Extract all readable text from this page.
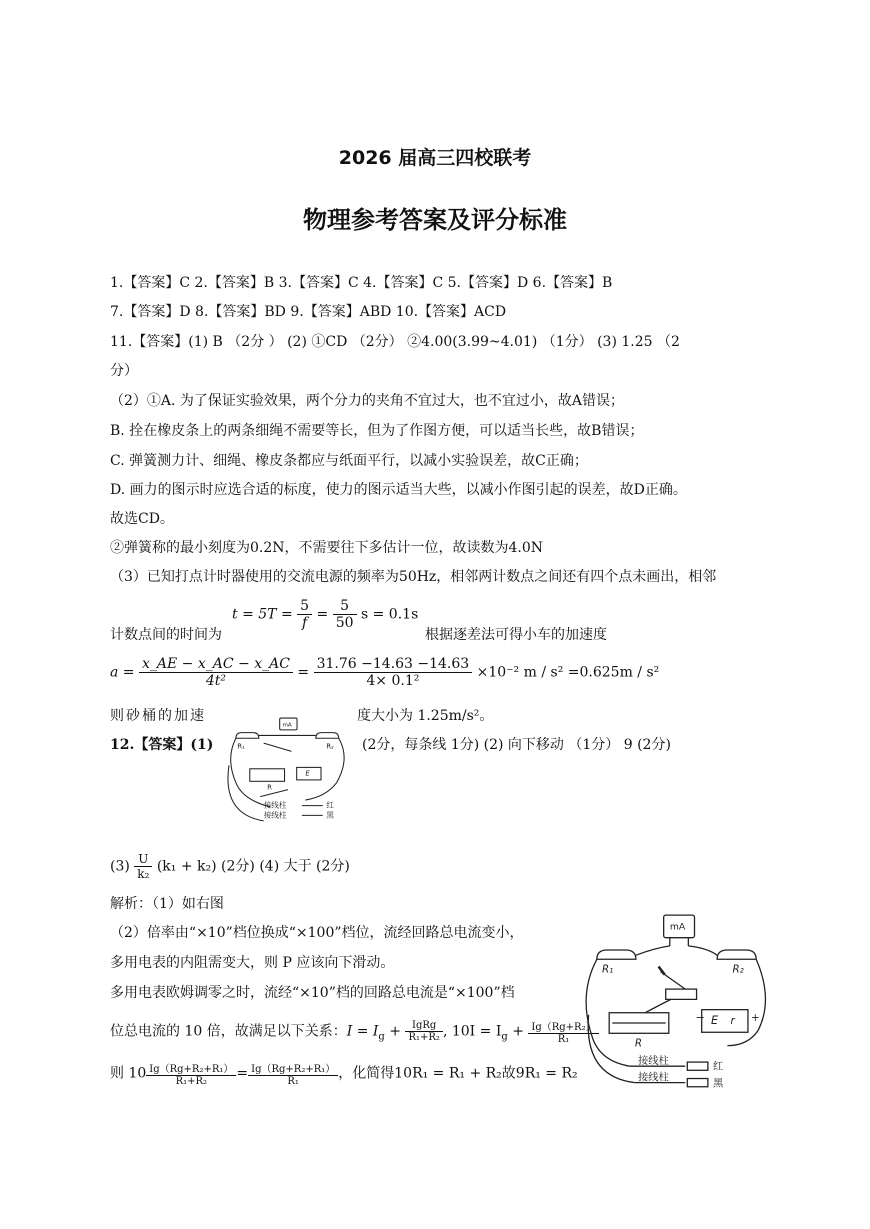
2026 届高三四校联考
物理参考答案及评分标准
1.【答案】C 2.【答案】B 3.【答案】C 4.【答案】C 5.【答案】D 6.【答案】B
7.【答案】D 8.【答案】BD 9.【答案】ABD 10.【答案】ACD
11.【答案】(1) B （2分 ） (2) ①CD （2分） ②4.00(3.99~4.01) （1分） (3) 1.25 （2
分）
（2）①A. 为了保证实验效果，两个分力的夹角不宜过大，也不宜过小，故A错误；
B. 拴在橡皮条上的两条细绳不需要等长，但为了作图方便，可以适当长些，故B错误；
C. 弹簧测力计、细绳、橡皮条都应与纸面平行，以减小实验误差，故C正确；
D. 画力的图示时应选合适的标度，使力的图示适当大些，以减小作图引起的误差，故D正确。
故选CD。
②弹簧称的最小刻度为0.2N，不需要往下多估计一位，故读数为4.0N
（3）已知打点计时器使用的交流电源的频率为50Hz，相邻两计数点之间还有四个点未画出，相邻
计数点间的时间为
$t = 5T = \frac{5}{f} = \frac{5}{50}$ s = 0.1s
根据逐差法可得小车的加速度
$a = \frac{x\_AE - x\_AC - x\_AC}{\text{4t²}} = \frac{31.76 -14.63 -14.63}{\text{4× 0.1²}} \times 10^{-2}$ m / s² =0.625m / s²
则砂桶的加速	度大小为 1.25m/s²。
12.【答案】(1)	(2分，每条线 1分) (2) 向下移动 （1分） 9 (2分)
mA
R₁	R₂
R
E
接线柱
接线柱
红
黑
$(3) \frac{U}{\text{k₂}} (k_1 + k_2)$ (2分) (4) 大于 (2分)
解析：（1）如右图
（2）倍率由“×10”档位换成“×100”档位，流经回路总电流变小，
多用电表的内阻需变大，则 P 应该向下滑动。
多用电表欧姆调零之时，流经“×10”档的回路总电流是“×100”档
位总电流的 10 倍，故满足以下关系：$I = I_g + \frac{\text{IgRg}}{\text{R₁+R₂}}$ , $10I = I_g + \frac{\text{Ig（Rg+R₂）}}{\text{R₁}}$
则 $10 \frac{\text{Ig（Rg+R₂+R₁）}}{\text{R₁+R₂}} = \frac{\text{Ig（Rg+R₂+R₁）}}{\text{R₁}}$ ，化简得10R₁ = R₁ + R₂故9R₁ = R₂
mA
R₁	R₂
R
E r
− +
接线柱
接线柱
红
黑
